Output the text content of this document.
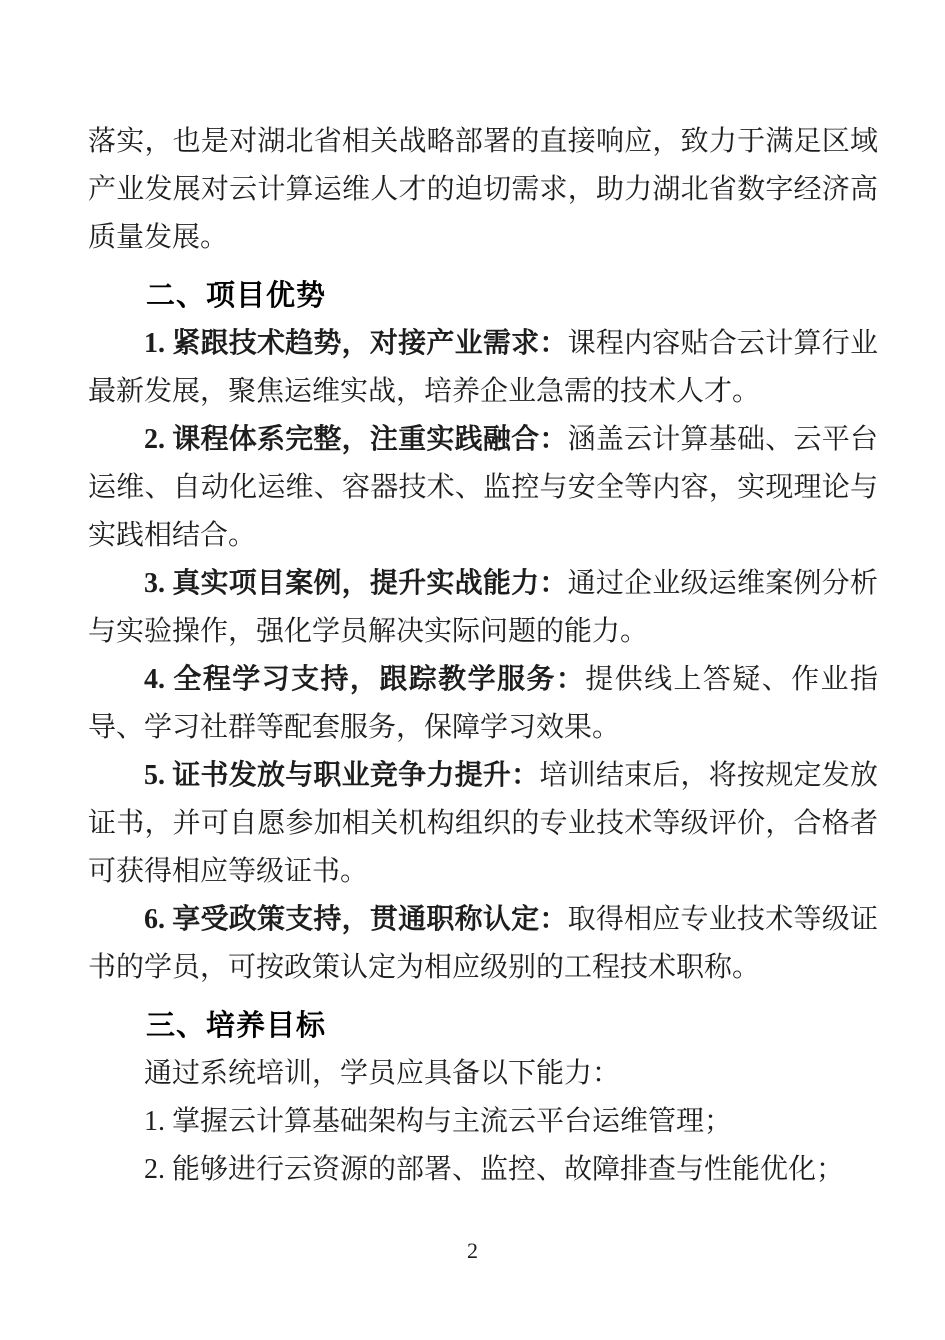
落实，也是对湖北省相关战略部署的直接响应，致力于满足区域产业发展对云计算运维人才的迫切需求，助力湖北省数字经济高质量发展。

二、项目优势

1. 紧跟技术趋势，对接产业需求：课程内容贴合云计算行业最新发展，聚焦运维实战，培养企业急需的技术人才。

2. 课程体系完整，注重实践融合：涵盖云计算基础、云平台运维、自动化运维、容器技术、监控与安全等内容，实现理论与实践相结合。

3. 真实项目案例，提升实战能力：通过企业级运维案例分析与实验操作，强化学员解决实际问题的能力。

4. 全程学习支持，跟踪教学服务：提供线上答疑、作业指导、学习社群等配套服务，保障学习效果。

5. 证书发放与职业竞争力提升：培训结束后，将按规定发放证书，并可自愿参加相关机构组织的专业技术等级评价，合格者可获得相应等级证书。

6. 享受政策支持，贯通职称认定：取得相应专业技术等级证书的学员，可按政策认定为相应级别的工程技术职称。

三、培养目标

通过系统培训，学员应具备以下能力：

1. 掌握云计算基础架构与主流云平台运维管理；

2. 能够进行云资源的部署、监控、故障排查与性能优化；

2
